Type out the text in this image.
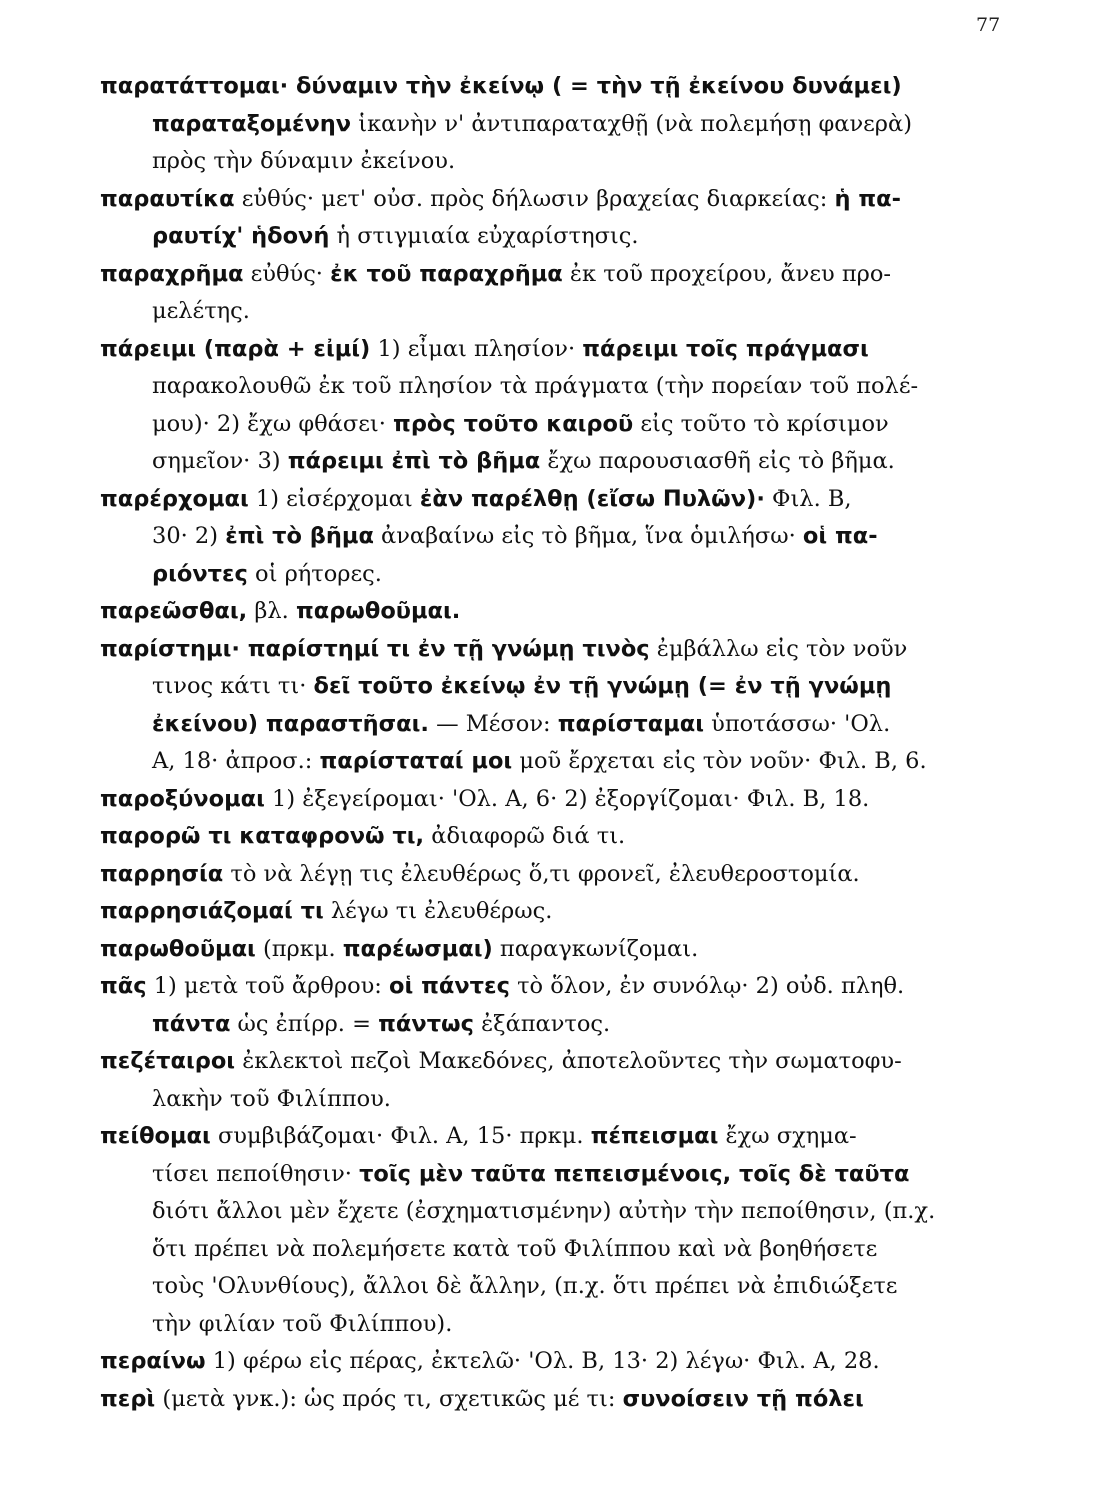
77

παρατάττομαι· δύναμιν τὴν ἐκείνῳ ( = τὴν τῇ ἐκείνου δυνάμει)
παραταξομένην ἱκανὴν ν' ἀντιπαραταχθῇ (νὰ πολεμήσῃ φανερὰ)
πρὸς τὴν δύναμιν ἐκείνου.

παραυτίκα εὐθύς· μετ' οὐσ. πρὸς δήλωσιν βραχείας διαρκείας: ἡ πα-
ραυτίχ' ἡδονή ἡ στιγμιαία εὐχαρίστησις.

παραχρῆμα εὐθύς· ἐκ τοῦ παραχρῆμα ἐκ τοῦ προχείρου, ἄνευ προ-
μελέτης.

πάρειμι (παρὰ + εἰμί) 1) εἶμαι πλησίον· πάρειμι τοῖς πράγμασι
παρακολουθῶ ἐκ τοῦ πλησίον τὰ πράγματα (τὴν πορείαν τοῦ πολέ-
μου)· 2) ἔχω φθάσει· πρὸς τοῦτο καιροῦ εἰς τοῦτο τὸ κρίσιμον
σημεῖον· 3) πάρειμι ἐπὶ τὸ βῆμα ἔχω παρουσιασθῆ εἰς τὸ βῆμα.

παρέρχομαι 1) εἰσέρχομαι ἐὰν παρέλθῃ (εἴσω Πυλῶν)· Φιλ. Β,
30· 2) ἐπὶ τὸ βῆμα ἀναβαίνω εἰς τὸ βῆμα, ἵνα ὁμιλήσω· οἱ πα-
ριόντες οἱ ρήτορες.

παρεῶσθαι, βλ. παρωθοῦμαι.

παρίστημι· παρίστημί τι ἐν τῇ γνώμῃ τινὸς ἐμβάλλω εἰς τὸν νοῦν
τινος κάτι τι· δεῖ τοῦτο ἐκείνῳ ἐν τῇ γνώμῃ (= ἐν τῇ γνώμῃ
ἐκείνου) παραστῆσαι. — Μέσον: παρίσταμαι ὑποτάσσω· 'Ολ.
Α, 18· ἀπροσ.: παρίσταταί μοι μοῦ ἔρχεται εἰς τὸν νοῦν· Φιλ. Β, 6.

παροξύνομαι 1) ἐξεγείρομαι· 'Ολ. Α, 6· 2) ἐξοργίζομαι· Φιλ. Β, 18.

παρορῶ τι καταφρονῶ τι, ἀδιαφορῶ διά τι.

παρρησία τὸ νὰ λέγῃ τις ἐλευθέρως ὅ,τι φρονεῖ, ἐλευθεροστομία.

παρρησιάζομαί τι λέγω τι ἐλευθέρως.

παρωθοῦμαι (πρκμ. παρέωσμαι) παραγκωνίζομαι.

πᾶς 1) μετὰ τοῦ ἄρθρου: οἱ πάντες τὸ ὅλον, ἐν συνόλῳ· 2) οὐδ. πληθ.
πάντα ὡς ἐπίρρ. = πάντως ἐξάπαντος.

πεζέταιροι ἐκλεκτοὶ πεζοὶ Μακεδόνες, ἀποτελοῦντες τὴν σωματοφυ-
λακὴν τοῦ Φιλίππου.

πείθομαι συμβιβάζομαι· Φιλ. Α, 15· πρκμ. πέπεισμαι ἔχω σχημα-
τίσει πεποίθησιν· τοῖς μὲν ταῦτα πεπεισμένοις, τοῖς δὲ ταῦτα
διότι ἄλλοι μὲν ἔχετε (ἐσχηματισμένην) αὐτὴν τὴν πεποίθησιν, (π.χ.
ὅτι πρέπει νὰ πολεμήσετε κατὰ τοῦ Φιλίππου καὶ νὰ βοηθήσετε
τοὺς 'Ολυνθίους), ἄλλοι δὲ ἄλλην, (π.χ. ὅτι πρέπει νὰ ἐπιδιώξετε
τὴν φιλίαν τοῦ Φιλίππου).

περαίνω 1) φέρω εἰς πέρας, ἐκτελῶ· 'Ολ. Β, 13· 2) λέγω· Φιλ. Α, 28.

περὶ (μετὰ γνκ.): ὡς πρός τι, σχετικῶς μέ τι: συνοίσειν τῇ πόλει
